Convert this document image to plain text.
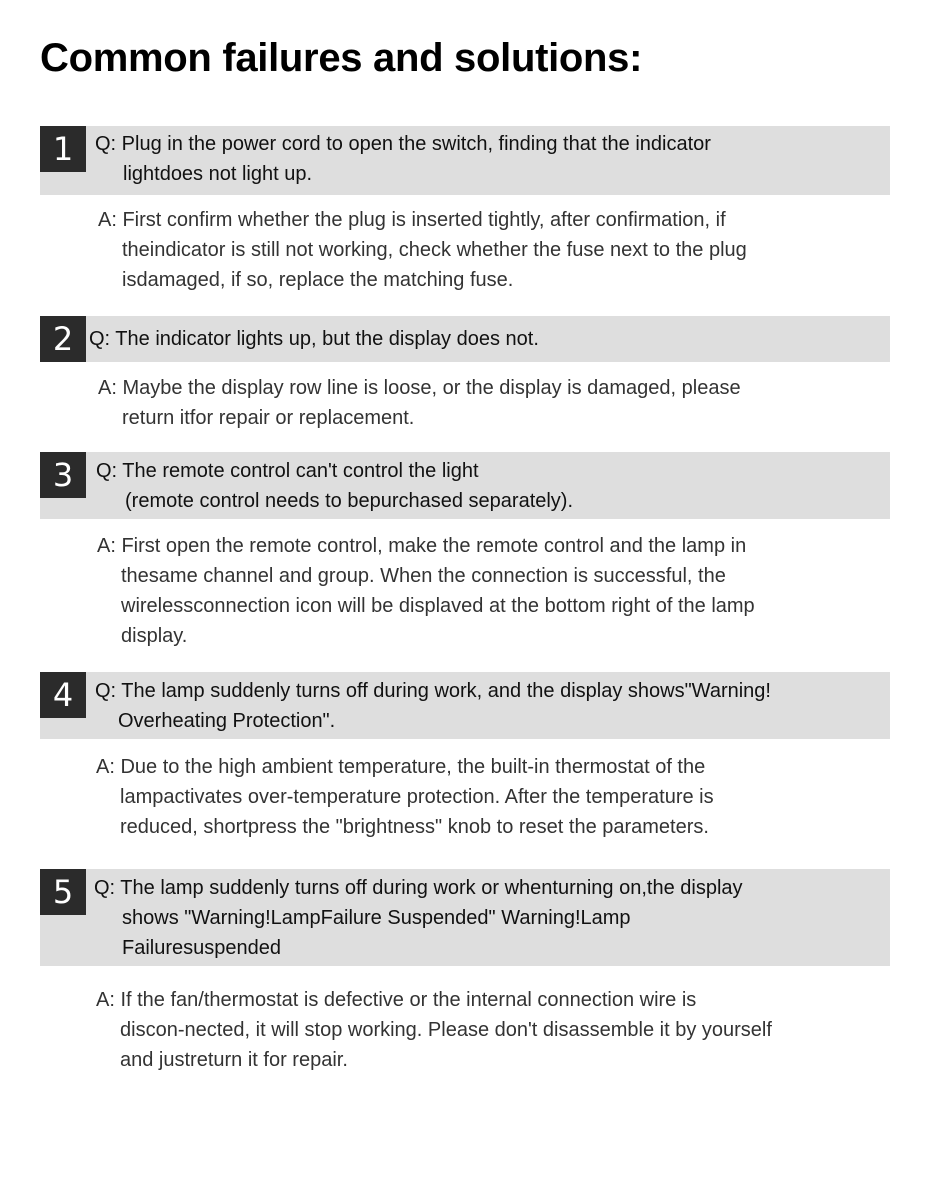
Common failures and solutions:
1	Q: Plug in the power cord to open the switch, finding that the indicator
lightdoes not light up.

A: First confirm whether the plug is inserted tightly, after confirmation, if
theindicator is still not working, check whether the fuse next to the plug
isdamaged, if so, replace the matching fuse.

2 Q: The indicator lights up, but the display does not.

A: Maybe the display row line is loose, or the display is damaged, please
return itfor repair or replacement.

3	Q: The remote control can't control the light
(remote control needs to bepurchased separately).

A: First open the remote control, make the remote control and the lamp in
thesame channel and group. When the connection is successful, the
wirelessconnection icon will be displaved at the bottom right of the lamp
display.

4	Q: The lamp suddenly turns off during work, and the display shows"Warning!
Overheating Protection".

A: Due to the high ambient temperature, the built-in thermostat of the
lampactivates over-temperature protection. After the temperature is
reduced, shortpress the "brightness" knob to reset the parameters.

5	Q: The lamp suddenly turns off during work or whenturning on,the display
shows "Warning!LampFailure Suspended" Warning!Lamp
Failuresuspended

A: If the fan/thermostat is defective or the internal connection wire is
discon-nected, it will stop working. Please don't disassemble it by yourself
and justreturn it for repair.
